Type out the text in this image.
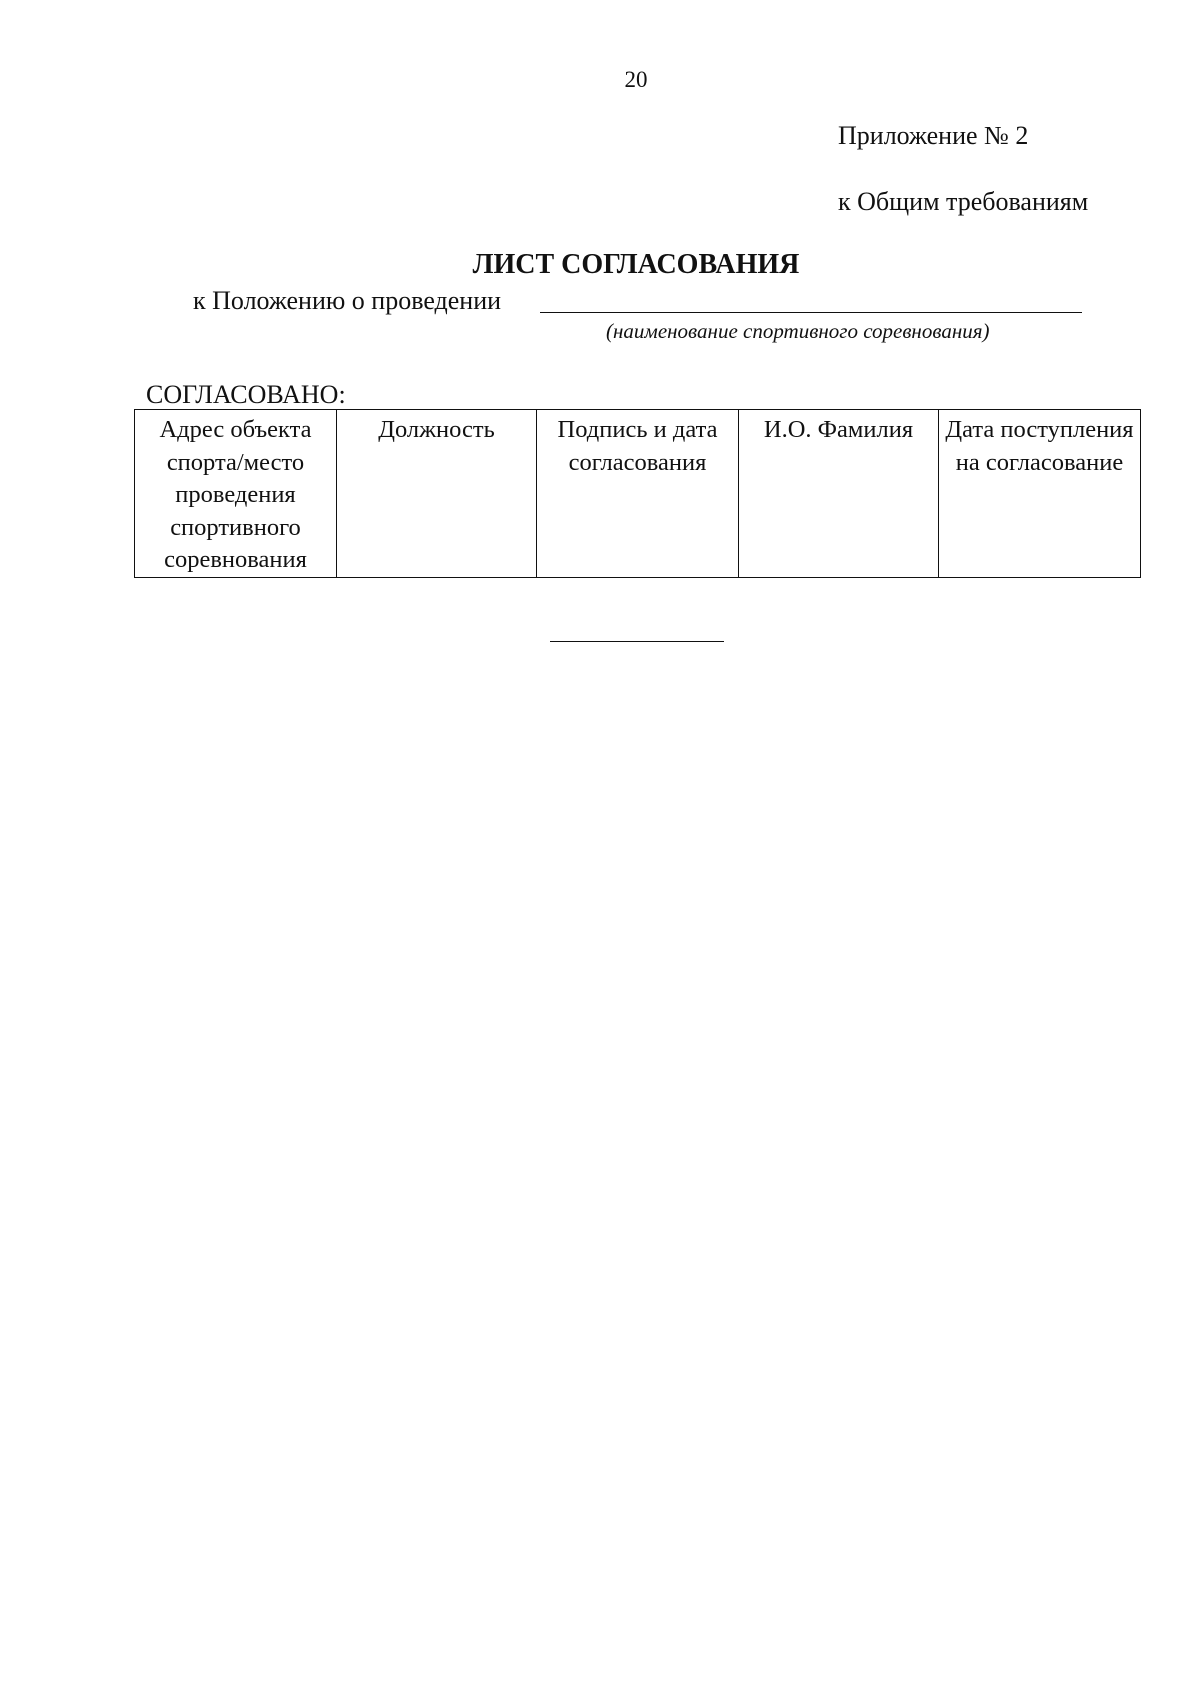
20
Приложение № 2
к Общим требованиям
ЛИСТ СОГЛАСОВАНИЯ
к Положению о проведении
(наименование спортивного соревнования)
СОГЛАСОВАНО:
Адрес объекта спорта/место проведения спортивного соревнования	Должность	Подпись и дата согласования	И.О. Фамилия	Дата поступления на согласование
